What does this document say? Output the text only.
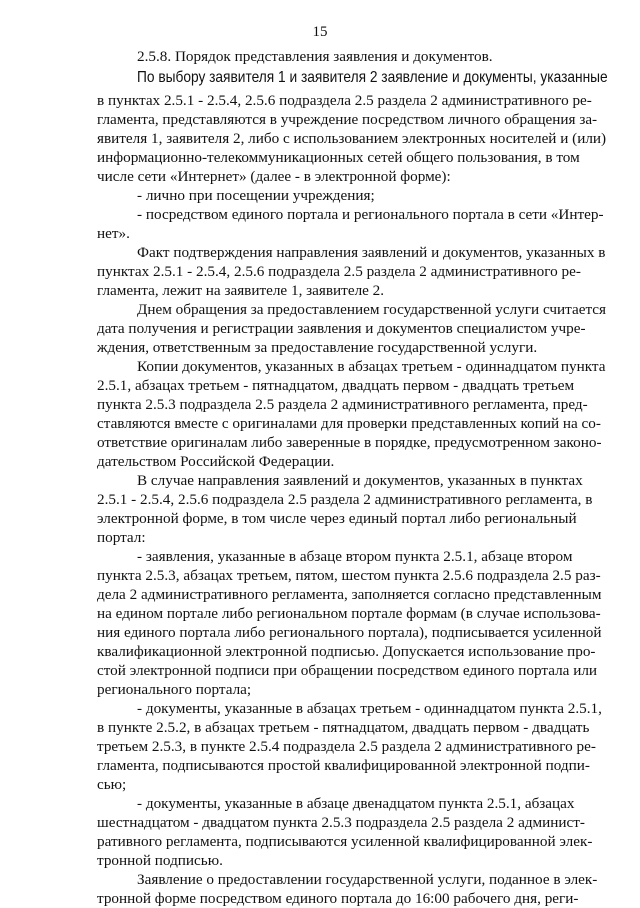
15
2.5.8. Порядок представления заявления и документов.
По выбору заявителя 1 и заявителя 2 заявление и документы, указанные
в пунктах 2.5.1 - 2.5.4, 2.5.6 подраздела 2.5 раздела 2 административного ре-
гламента, представляются в учреждение посредством личного обращения за-
явителя 1, заявителя 2, либо с использованием электронных носителей и (или)
информационно-телекоммуникационных сетей общего пользования, в том
числе сети «Интернет» (далее - в электронной форме):
- лично при посещении учреждения;
- посредством единого портала и регионального портала в сети «Интер-
нет».
Факт подтверждения направления заявлений и документов, указанных в
пунктах 2.5.1 - 2.5.4, 2.5.6 подраздела 2.5 раздела 2 административного ре-
гламента, лежит на заявителе 1, заявителе 2.
Днем обращения за предоставлением государственной услуги считается
дата получения и регистрации заявления и документов специалистом учре-
ждения, ответственным за предоставление государственной услуги.
Копии документов, указанных в абзацах третьем - одиннадцатом пункта
2.5.1, абзацах третьем - пятнадцатом, двадцать первом - двадцать третьем
пункта 2.5.3 подраздела 2.5 раздела 2 административного регламента, пред-
ставляются вместе с оригиналами для проверки представленных копий на со-
ответствие оригиналам либо заверенные в порядке, предусмотренном законо-
дательством Российской Федерации.
В случае направления заявлений и документов, указанных в пунктах
2.5.1 - 2.5.4, 2.5.6 подраздела 2.5 раздела 2 административного регламента, в
электронной форме, в том числе через единый портал либо региональный
портал:
- заявления, указанные в абзаце втором пункта 2.5.1, абзаце втором
пункта 2.5.3, абзацах третьем, пятом, шестом пункта 2.5.6 подраздела 2.5 раз-
дела 2 административного регламента, заполняется согласно представленным
на едином портале либо региональном портале формам (в случае использова-
ния единого портала либо регионального портала), подписывается усиленной
квалификационной электронной подписью. Допускается использование про-
стой электронной подписи при обращении посредством единого портала или
регионального портала;
- документы, указанные в абзацах третьем - одиннадцатом пункта 2.5.1,
в пункте 2.5.2, в абзацах третьем - пятнадцатом, двадцать первом - двадцать
третьем 2.5.3, в пункте 2.5.4 подраздела 2.5 раздела 2 административного ре-
гламента, подписываются простой квалифицированной электронной подпи-
сью;
- документы, указанные в абзаце двенадцатом пункта 2.5.1, абзацах
шестнадцатом - двадцатом пункта 2.5.3 подраздела 2.5 раздела 2 админист-
ративного регламента, подписываются усиленной квалифицированной элек-
тронной подписью.
Заявление о предоставлении государственной услуги, поданное в элек-
тронной форме посредством единого портала до 16:00 рабочего дня, реги-
